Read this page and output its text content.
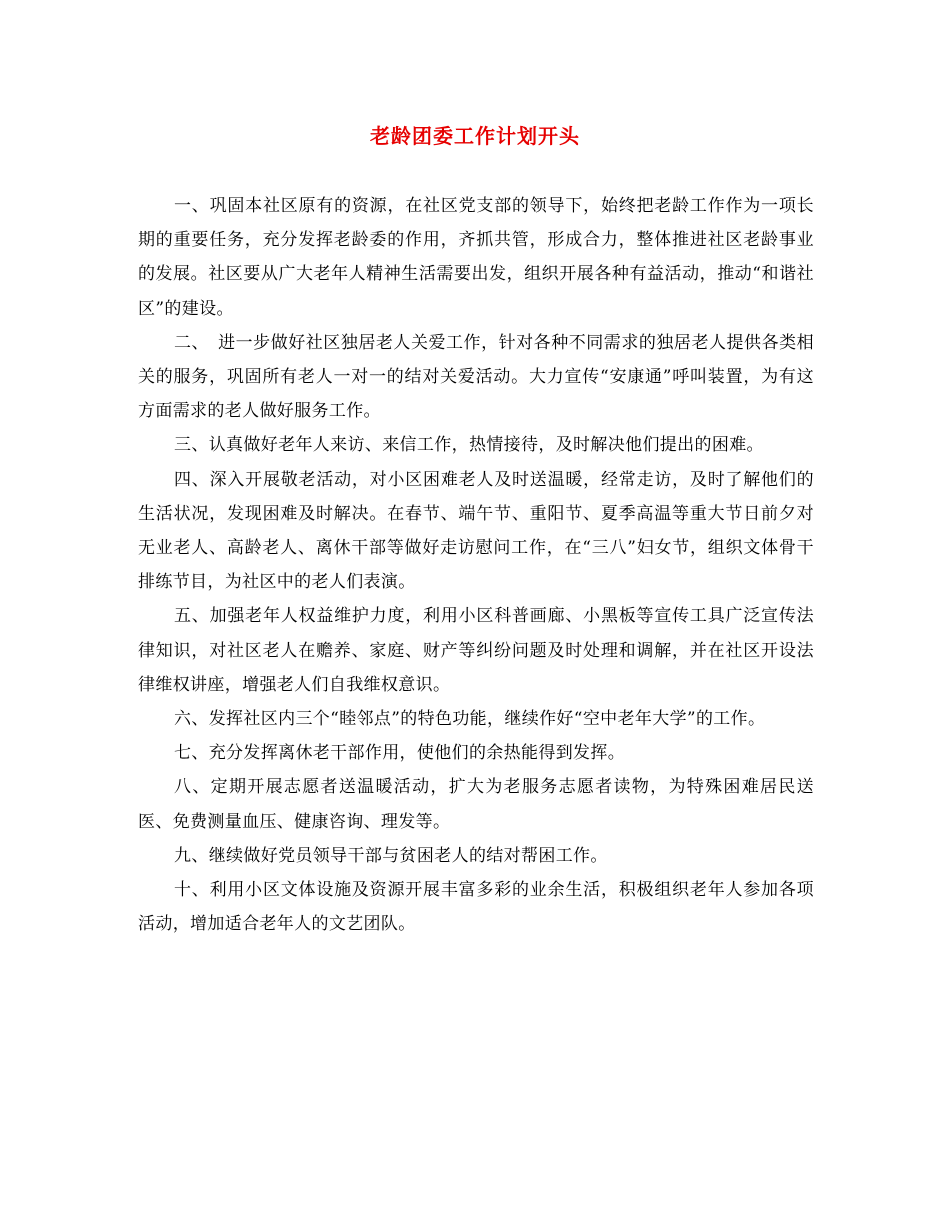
老龄团委工作计划开头

一、巩固本社区原有的资源，在社区党支部的领导下，始终把老龄工作作为一项长期的重要任务，充分发挥老龄委的作用，齐抓共管，形成合力，整体推进社区老龄事业的发展。社区要从广大老年人精神生活需要出发，组织开展各种有益活动，推动“和谐社区”的建设。

二、　进一步做好社区独居老人关爱工作，针对各种不同需求的独居老人提供各类相关的服务，巩固所有老人一对一的结对关爱活动。大力宣传“安康通”呼叫装置，为有这方面需求的老人做好服务工作。

三、认真做好老年人来访、来信工作，热情接待，及时解决他们提出的困难。

四、深入开展敬老活动，对小区困难老人及时送温暖，经常走访，及时了解他们的生活状况，发现困难及时解决。在春节、端午节、重阳节、夏季高温等重大节日前夕对无业老人、高龄老人、离休干部等做好走访慰问工作，在“三八”妇女节，组织文体骨干排练节目，为社区中的老人们表演。

五、加强老年人权益维护力度，利用小区科普画廊、小黑板等宣传工具广泛宣传法律知识，对社区老人在赡养、家庭、财产等纠纷问题及时处理和调解，并在社区开设法律维权讲座，增强老人们自我维权意识。

六、发挥社区内三个“睦邻点”的特色功能，继续作好“空中老年大学”的工作。

七、充分发挥离休老干部作用，使他们的余热能得到发挥。

八、定期开展志愿者送温暖活动，扩大为老服务志愿者读物，为特殊困难居民送医、免费测量血压、健康咨询、理发等。

九、继续做好党员领导干部与贫困老人的结对帮困工作。

十、利用小区文体设施及资源开展丰富多彩的业余生活，积极组织老年人参加各项活动，增加适合老年人的文艺团队。
